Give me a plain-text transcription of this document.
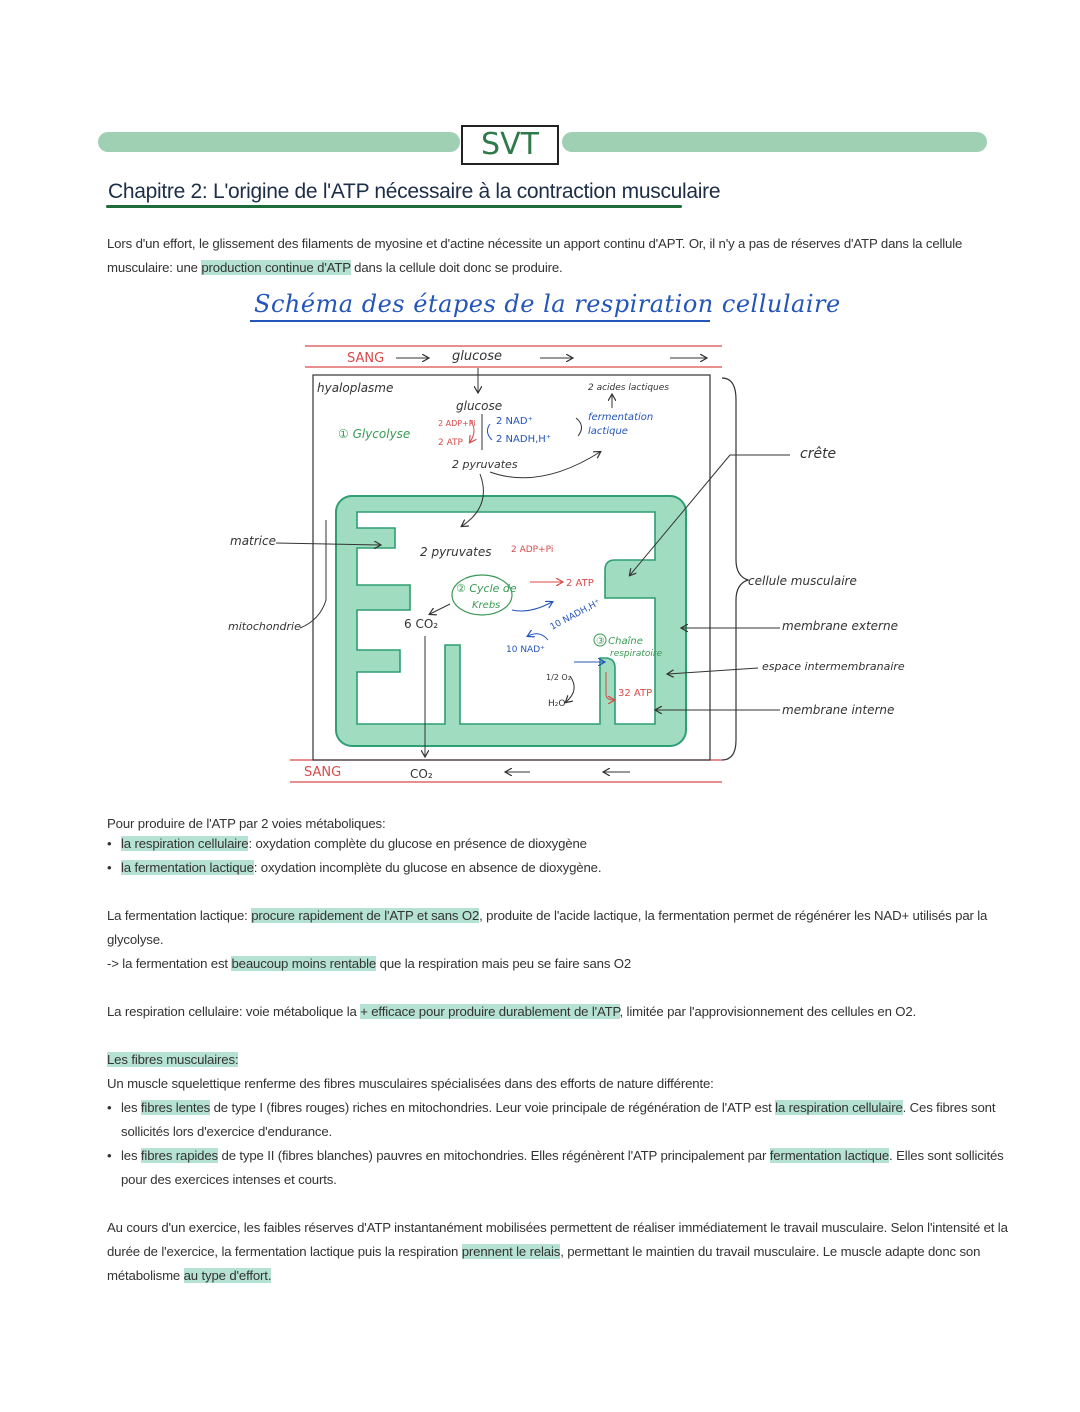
SVT
Chapitre 2: L'origine de l'ATP nécessaire à la contraction musculaire
Lors d'un effort, le glissement des filaments de myosine et d'actine nécessite un apport continu d'APT. Or, il n'y a pas de réserves d'ATP dans la cellule
musculaire: une production continue d'ATP dans la cellule doit donc se produire.
Schéma des étapes de la respiration cellulaire
SANG	glucose
hyaloplasme
① Glycolyse
glucose
2 ADP+Pi
2 ATP
2 NAD⁺
2 NADH,H⁺
2 acides lactiques
fermentation
lactique
2 pyruvates
2 pyruvates 2 ADP+Pi
② Cycle de
Krebs
2 ATP
10 NADH,H⁺
10 NAD⁺
6 CO₂
③ Chaîne
respiratoire
1/2 O₂
H₂O
32 ATP
SANG	CO₂
matrice
mitochondrie
crête
cellule musculaire
membrane externe
espace intermembranaire
membrane interne
Pour produire de l'ATP par 2 voies métaboliques:
• la respiration cellulaire: oxydation complète du glucose en présence de dioxygène
• la fermentation lactique: oxydation incomplète du glucose en absence de dioxygène.
La fermentation lactique: procure rapidement de l'ATP et sans O2, produite de l'acide lactique, la fermentation permet de régénérer les NAD+ utilisés par la
glycolyse.
-> la fermentation est beaucoup moins rentable que la respiration mais peu se faire sans O2
La respiration cellulaire: voie métabolique la + efficace pour produire durablement de l'ATP, limitée par l'approvisionnement des cellules en O2.
Les fibres musculaires:
Un muscle squelettique renferme des fibres musculaires spécialisées dans des efforts de nature différente:
• les fibres lentes de type I (fibres rouges) riches en mitochondries. Leur voie principale de régénération de l'ATP est la respiration cellulaire. Ces fibres sont
sollicités lors d'exercice d'endurance.
• les fibres rapides de type II (fibres blanches) pauvres en mitochondries. Elles régénèrent l'ATP principalement par fermentation lactique. Elles sont sollicités
pour des exercices intenses et courts.
Au cours d'un exercice, les faibles réserves d'ATP instantanément mobilisées permettent de réaliser immédiatement le travail musculaire. Selon l'intensité et la
durée de l'exercice, la fermentation lactique puis la respiration prennent le relais, permettant le maintien du travail musculaire. Le muscle adapte donc son
métabolisme au type d'effort.
